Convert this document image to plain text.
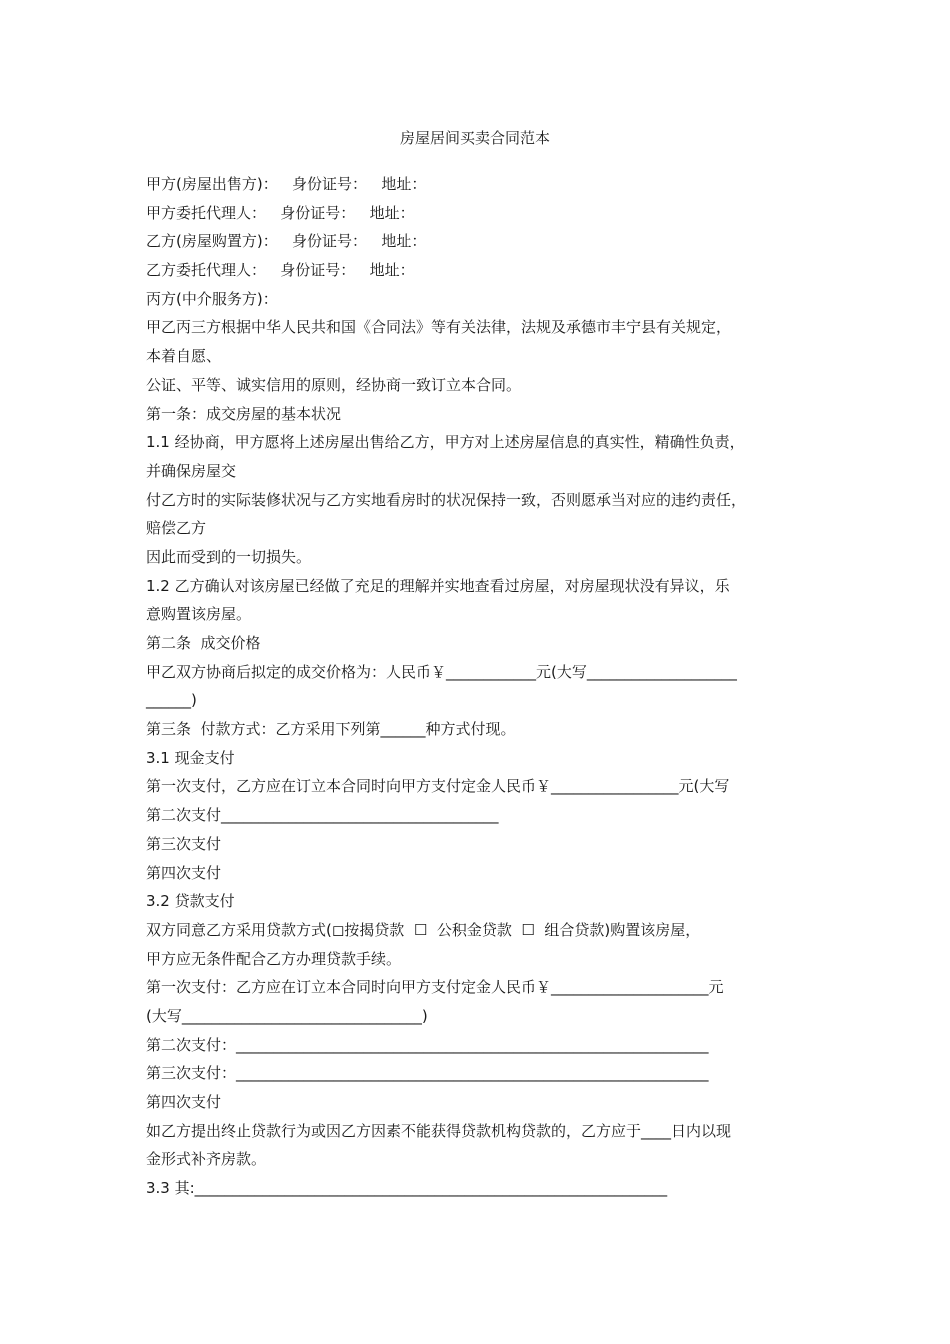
房屋居间买卖合同范本
甲方(房屋出售方)：   身份证号：   地址：
甲方委托代理人：   身份证号：   地址：
乙方(房屋购置方)：   身份证号：   地址：
乙方委托代理人：   身份证号：   地址：
丙方(中介服务方)：
甲乙丙三方根据中华人民共和国《合同法》等有关法律，法规及承德市丰宁县有关规定，
本着自愿、
公证、平等、诚实信用的原则，经协商一致订立本合同。
第一条：成交房屋的基本状况
1.1 经协商，甲方愿将上述房屋出售给乙方，甲方对上述房屋信息的真实性，精确性负责，
并确保房屋交
付乙方时的实际装修状况与乙方实地看房时的状况保持一致，否则愿承当对应的违约责任，
赔偿乙方
因此而受到的一切损失。
1.2 乙方确认对该房屋已经做了充足的理解并实地查看过房屋，对房屋现状没有异议，乐
意购置该房屋。
第二条  成交价格
甲乙双方协商后拟定的成交价格为：人民币￥____________元(大写____________________
______)
第三条  付款方式：乙方采用下列第______种方式付现。
3.1 现金支付
第一次支付，乙方应在订立本合同时向甲方支付定金人民币￥_________________元(大写
第二次支付_____________________________________
第三次支付
第四次支付
3.2 贷款支付
双方同意乙方采用贷款方式(◻按揭贷款  ☐  公积金贷款  ☐  组合贷款)购置该房屋，
甲方应无条件配合乙方办理贷款手续。
第一次支付：乙方应在订立本合同时向甲方支付定金人民币￥_____________________元
(大写________________________________)
第二次支付：_______________________________________________________________
第三次支付：_______________________________________________________________
第四次支付
如乙方提出终止贷款行为或因乙方因素不能获得贷款机构贷款的，乙方应于____日内以现
金形式补齐房款。
3.3 其:_______________________________________________________________
